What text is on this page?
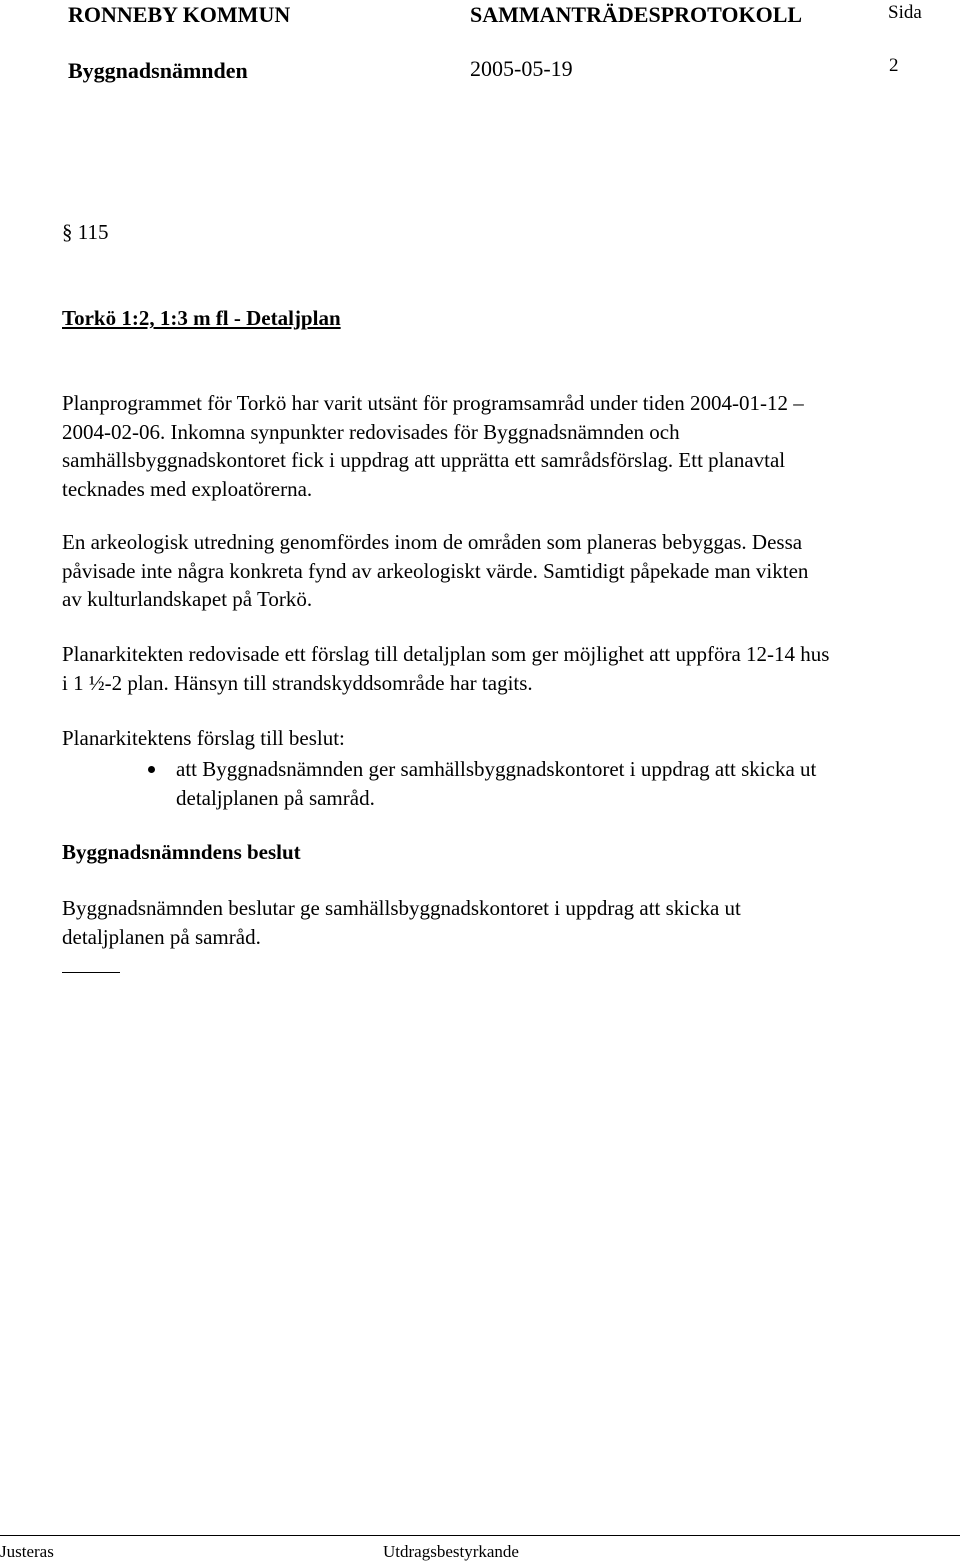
RONNEBY KOMMUN	SAMMANTRÄDESPROTOKOLL	Sida
Byggnadsnämnden	2005-05-19	2
§ 115
Torkö 1:2, 1:3 m fl - Detaljplan
Planprogrammet för Torkö har varit utsänt för programsamråd under tiden 2004-01-12 –
2004-02-06. Inkomna synpunkter redovisades för Byggnadsnämnden och
samhällsbyggnadskontoret fick i uppdrag att upprätta ett samrådsförslag. Ett planavtal
tecknades med exploatörerna.
En arkeologisk utredning genomfördes inom de områden som planeras bebyggas. Dessa
påvisade inte några konkreta fynd av arkeologiskt värde. Samtidigt påpekade man vikten
av kulturlandskapet på Torkö.
Planarkitekten redovisade ett förslag till detaljplan som ger möjlighet att uppföra 12-14 hus
i 1 ½-2 plan. Hänsyn till strandskyddsområde har tagits.
Planarkitektens förslag till beslut:
att Byggnadsnämnden ger samhällsbyggnadskontoret i uppdrag att skicka ut
detaljplanen på samråd.
Byggnadsnämndens beslut
Byggnadsnämnden beslutar ge samhällsbyggnadskontoret i uppdrag att skicka ut
detaljplanen på samråd.
Justeras	Utdragsbestyrkande
